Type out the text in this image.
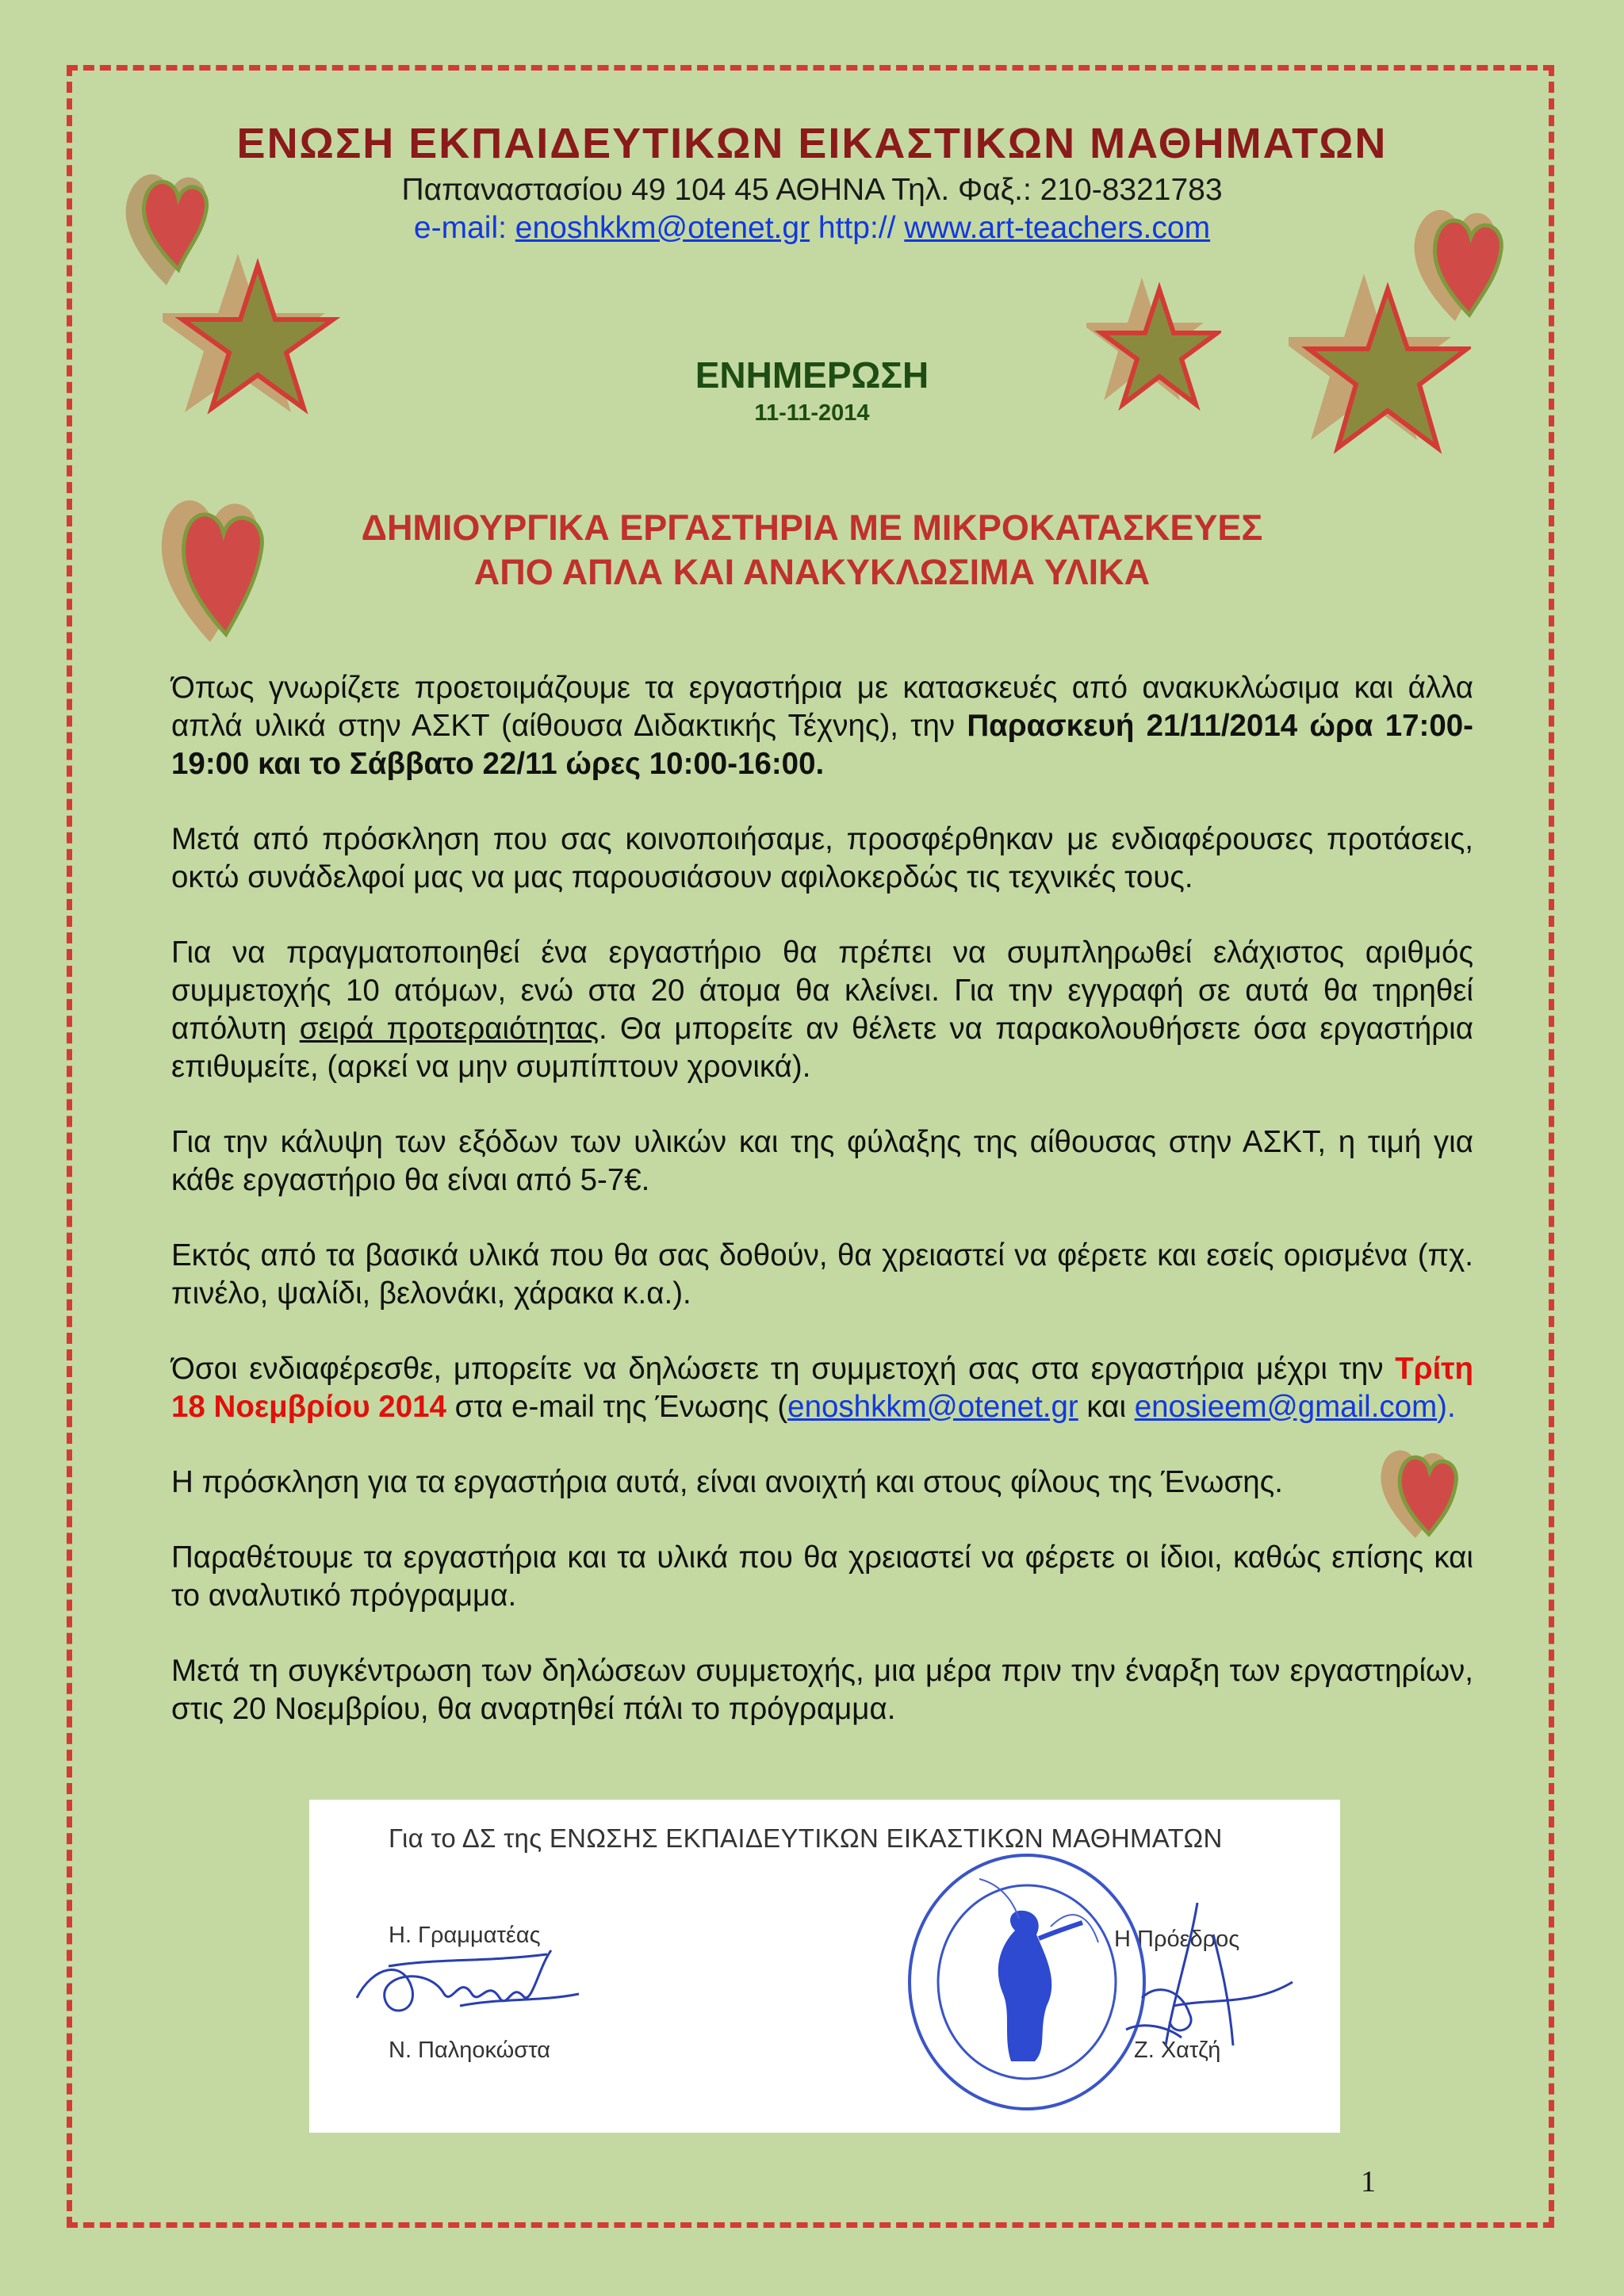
ΕΝΩΣΗ ΕΚΠΑΙΔΕΥΤΙΚΩΝ ΕΙΚΑΣΤΙΚΩΝ ΜΑΘΗΜΑΤΩΝ
Παπαναστασίου 49 104 45 ΑΘΗΝΑ Τηλ. Φαξ.: 210-8321783
e-mail: enoshkkm@otenet.gr http:// www.art-teachers.com
ΕΝΗΜΕΡΩΣΗ
11-11-2014
ΔΗΜΙΟΥΡΓΙΚΑ ΕΡΓΑΣΤΗΡΙΑ ΜΕ ΜΙΚΡΟΚΑΤΑΣΚΕΥΕΣ
ΑΠΟ ΑΠΛΑ ΚΑΙ ΑΝΑΚΥΚΛΩΣΙΜΑ ΥΛΙΚΑ

Όπως γνωρίζετε προετοιμάζουμε τα εργαστήρια με κατασκευές από ανακυκλώσιμα και άλλα απλά υλικά στην ΑΣΚΤ (αίθουσα Διδακτικής Τέχνης), την Παρασκευή 21/11/2014 ώρα 17:00-19:00 και το Σάββατο 22/11 ώρες 10:00-16:00.

Μετά από πρόσκληση που σας κοινοποιήσαμε, προσφέρθηκαν με ενδιαφέρουσες προτάσεις, οκτώ συνάδελφοί μας να μας παρουσιάσουν αφιλοκερδώς τις τεχνικές τους.

Για να πραγματοποιηθεί ένα εργαστήριο θα πρέπει να συμπληρωθεί ελάχιστος αριθμός συμμετοχής 10 ατόμων, ενώ στα 20 άτομα θα κλείνει. Για την εγγραφή σε αυτά θα τηρηθεί απόλυτη σειρά προτεραιότητας. Θα μπορείτε αν θέλετε να παρακολουθήσετε όσα εργαστήρια επιθυμείτε, (αρκεί να μην συμπίπτουν χρονικά).

Για την κάλυψη των εξόδων των υλικών και της φύλαξης της αίθουσας στην ΑΣΚΤ, η τιμή για κάθε εργαστήριο θα είναι από 5-7€.

Εκτός από τα βασικά υλικά που θα σας δοθούν, θα χρειαστεί να φέρετε και εσείς ορισμένα (πχ. πινέλο, ψαλίδι, βελονάκι, χάρακα κ.α.).

Όσοι ενδιαφέρεσθε, μπορείτε να δηλώσετε τη συμμετοχή σας στα εργαστήρια μέχρι την Τρίτη 18 Νοεμβρίου 2014 στα e-mail της Ένωσης (enoshkkm@otenet.gr και enosieem@gmail.com).

Η πρόσκληση για τα εργαστήρια αυτά, είναι ανοιχτή και στους φίλους της Ένωσης.

Παραθέτουμε τα εργαστήρια και τα υλικά που θα χρειαστεί να φέρετε οι ίδιοι, καθώς επίσης και το αναλυτικό πρόγραμμα.

Μετά τη συγκέντρωση των δηλώσεων συμμετοχής, μια μέρα πριν την έναρξη των εργαστηρίων, στις 20 Νοεμβρίου, θα αναρτηθεί πάλι το πρόγραμμα.

Για το ΔΣ της ΕΝΩΣΗΣ ΕΚΠΑΙΔΕΥΤΙΚΩΝ ΕΙΚΑΣΤΙΚΩΝ ΜΑΘΗΜΑΤΩΝ
Η. Γραμματέας
Ν. Παληοκώστα
Η Πρόεδρος
Ζ. Χατζή
1
